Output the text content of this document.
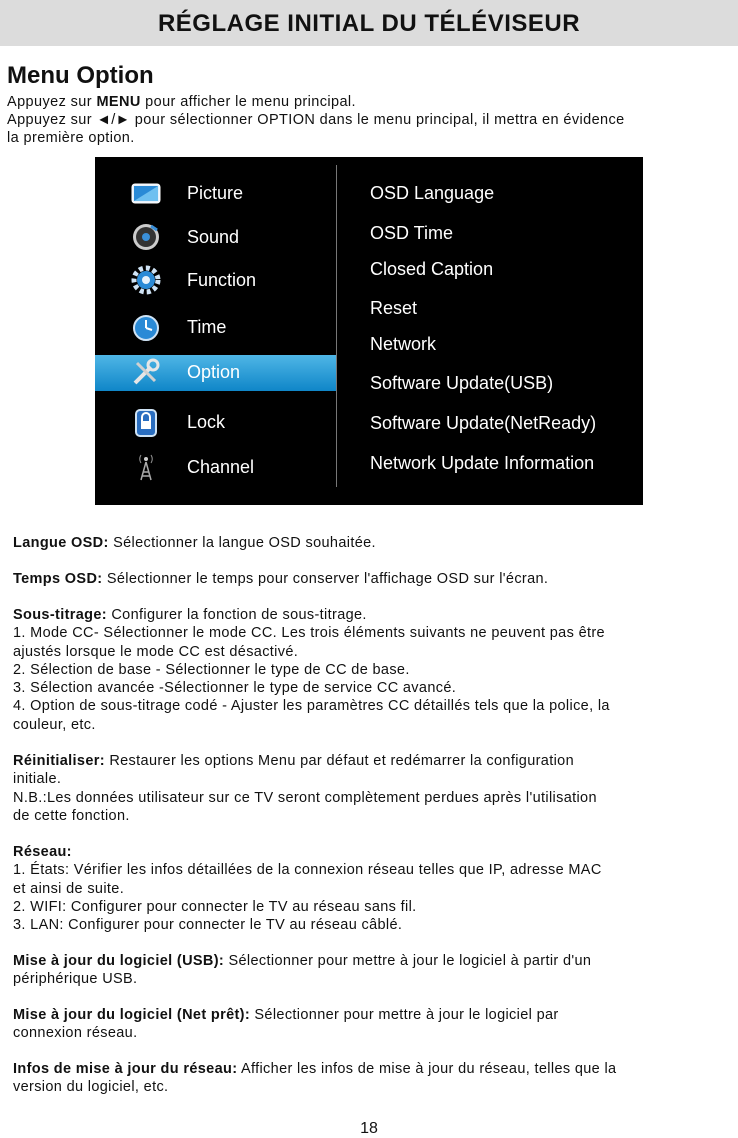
RÉGLAGE INITIAL DU TÉLÉVISEUR
Menu Option
Appuyez sur MENU pour afficher le menu principal.
Appuyez sur ◄/► pour sélectionner OPTION dans le menu principal, il mettra en évidence
la première option.
Picture
Sound
Function
Time
Option
Lock
Channel
OSD Language
OSD Time
Closed Caption
Reset
Network
Software Update(USB)
Software Update(NetReady)
Network Update Information
Langue OSD: Sélectionner la langue OSD souhaitée.
Temps OSD: Sélectionner le temps pour conserver l'affichage OSD sur l'écran.
Sous-titrage: Configurer la fonction de sous-titrage.
1. Mode CC- Sélectionner le mode CC. Les trois éléments suivants ne peuvent pas être
ajustés lorsque le mode CC est désactivé.
2. Sélection de base - Sélectionner le type de CC de base.
3. Sélection avancée -Sélectionner le type de service CC avancé.
4. Option de sous-titrage codé - Ajuster les paramètres CC détaillés tels que la police, la
couleur, etc.
Réinitialiser: Restaurer les options Menu par défaut et redémarrer la configuration
initiale.
N.B.:Les données utilisateur sur ce TV seront complètement perdues après l'utilisation
de cette fonction.
Réseau:
1. États: Vérifier les infos détaillées de la connexion réseau telles que IP, adresse MAC
et ainsi de suite.
2. WIFI: Configurer pour connecter le TV au réseau sans fil.
3. LAN: Configurer pour connecter le TV au réseau câblé.
Mise à jour du logiciel (USB): Sélectionner pour mettre à jour le logiciel à partir d'un
périphérique USB.
Mise à jour du logiciel (Net prêt): Sélectionner pour mettre à jour le logiciel par
connexion réseau.
Infos de mise à jour du réseau: Afficher les infos de mise à jour du réseau, telles que la
version du logiciel, etc.
18
